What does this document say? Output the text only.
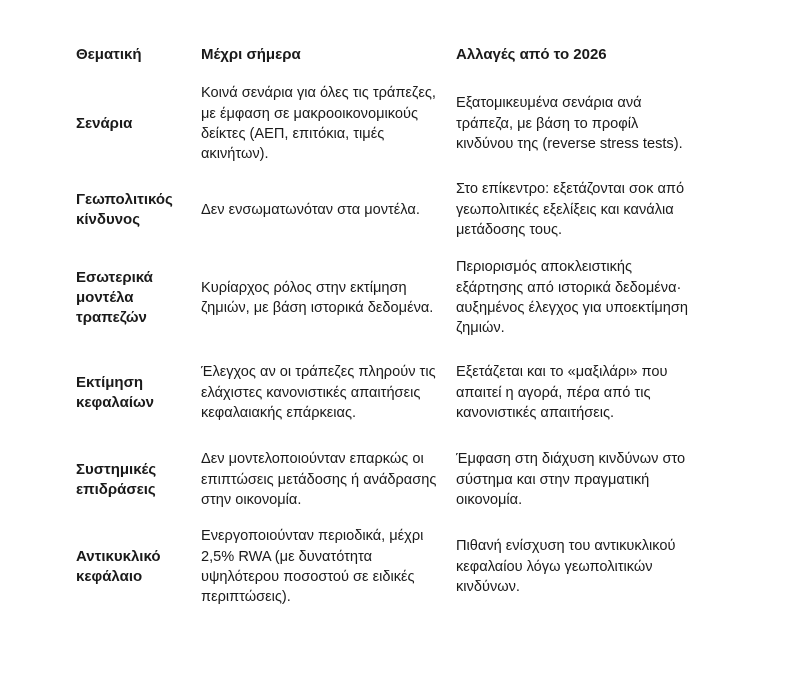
Θεματική	Μέχρι σήμερα	Αλλαγές από το 2026
Σενάρια
Κοινά σενάρια για όλες τις τράπεζες, με έμφαση σε μακροοικονομικούς δείκτες (ΑΕΠ, επιτόκια, τιμές ακινήτων).
Εξατομικευμένα σενάρια ανά τράπεζα, με βάση το προφίλ κινδύνου της (reverse stress tests).
Γεωπολιτικός κίνδυνος
Δεν ενσωματωνόταν στα μοντέλα.
Στο επίκεντρο: εξετάζονται σοκ από γεωπολιτικές εξελίξεις και κανάλια μετάδοσης τους.
Εσωτερικά μοντέλα τραπεζών
Κυρίαρχος ρόλος στην εκτίμηση ζημιών, με βάση ιστορικά δεδομένα.
Περιορισμός αποκλειστικής εξάρτησης από ιστορικά δεδομένα· αυξημένος έλεγχος για υποεκτίμηση ζημιών.
Εκτίμηση κεφαλαίων
Έλεγχος αν οι τράπεζες πληρούν τις ελάχιστες κανονιστικές απαιτήσεις κεφαλαιακής επάρκειας.
Εξετάζεται και το «μαξιλάρι» που απαιτεί η αγορά, πέρα από τις κανονιστικές απαιτήσεις.
Συστημικές επιδράσεις
Δεν μοντελοποιούνταν επαρκώς οι επιπτώσεις μετάδοσης ή ανάδρασης στην οικονομία.
Έμφαση στη διάχυση κινδύνων στο σύστημα και στην πραγματική οικονομία.
Αντικυκλικό κεφάλαιο
Ενεργοποιούνταν περιοδικά, μέχρι 2,5% RWA (με δυνατότητα υψηλότερου ποσοστού σε ειδικές περιπτώσεις).
Πιθανή ενίσχυση του αντικυκλικού κεφαλαίου λόγω γεωπολιτικών κινδύνων.
